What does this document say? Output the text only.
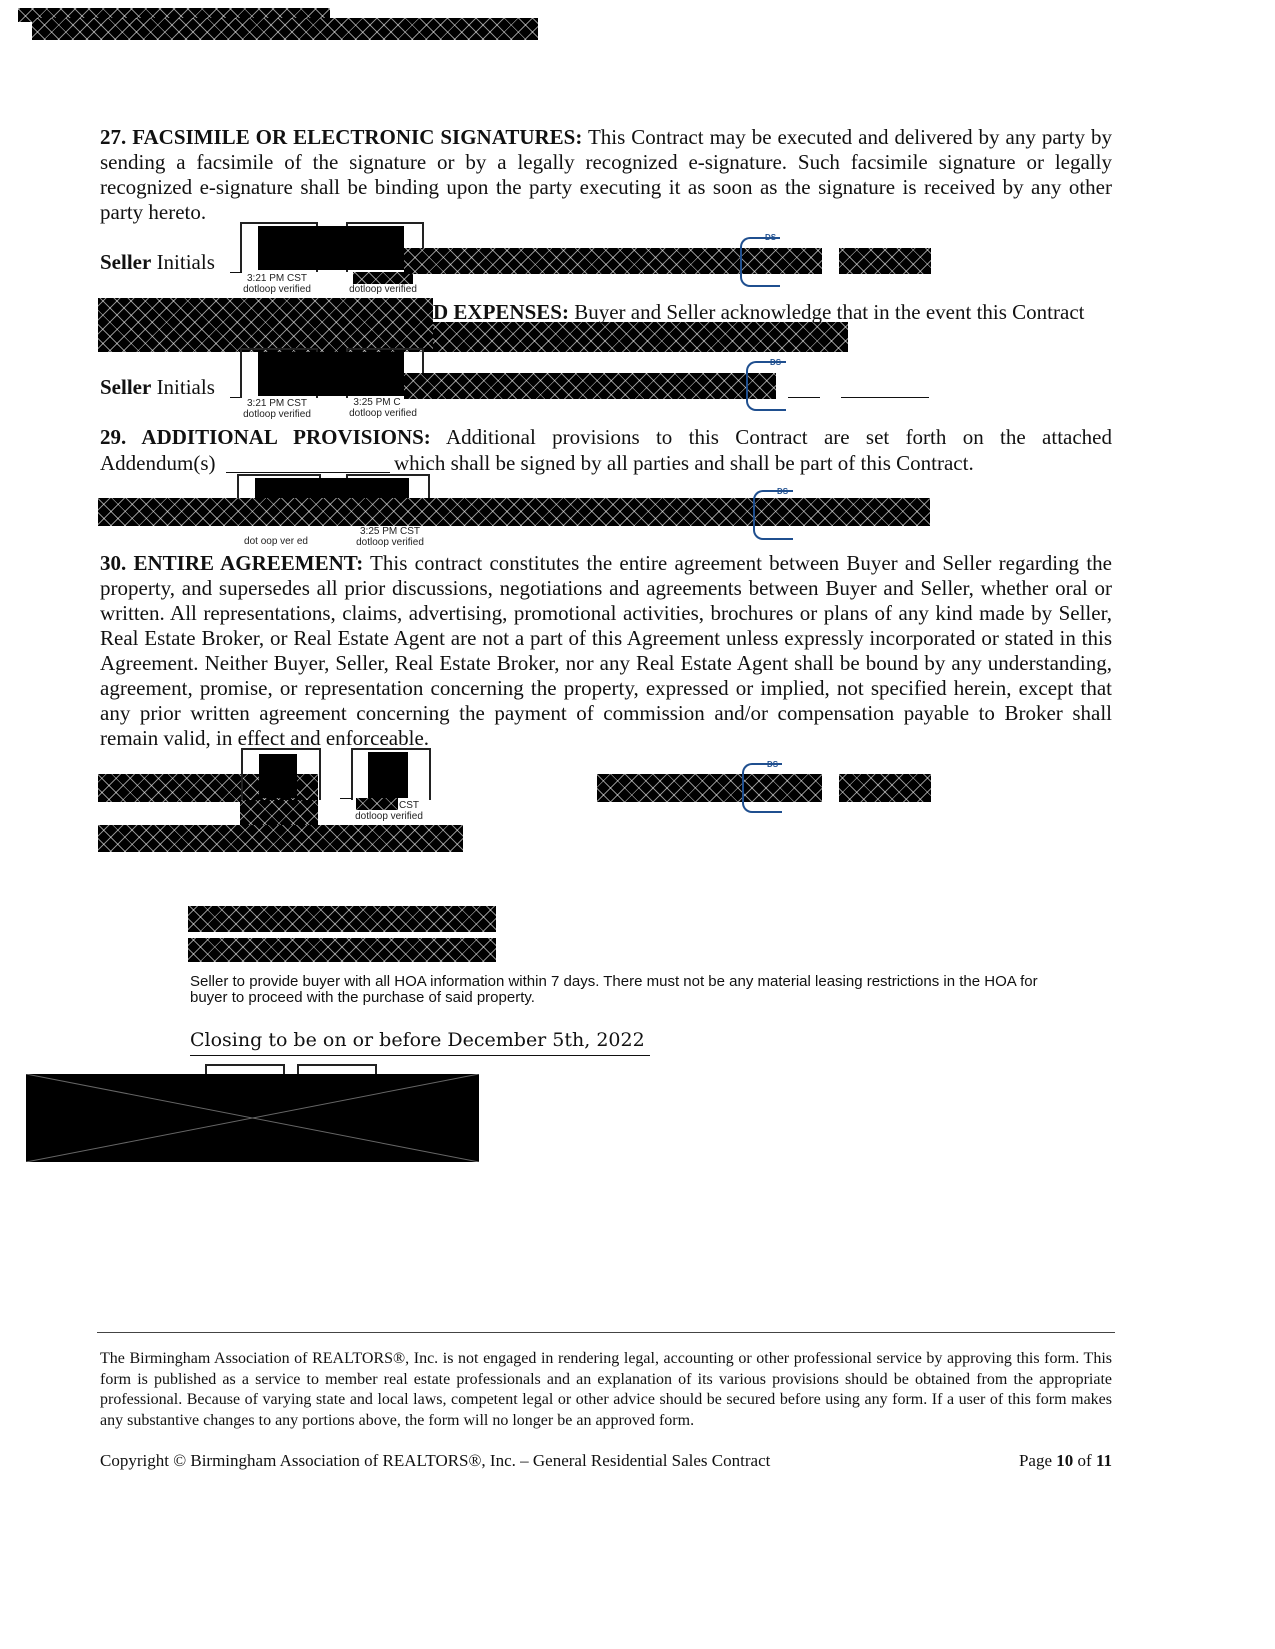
27. FACSIMILE OR ELECTRONIC SIGNATURES: This Contract may be executed and delivered by any party by sending a facsimile of the signature or by a legally recognized e-signature. Such facsimile signature or legally recognized e-signature shall be binding upon the party executing it as soon as the signature is received by any other party hereto.

Seller Initials
3:21 PM CST
dotloop verified	dotloop verified
DS
D EXPENSES: Buyer and Seller acknowledge that in the event this Contract
Seller Initials
3:21 PM CST
dotloop verified
3:25 PM C
dotloop verified
DS

29. ADDITIONAL PROVISIONS: Additional provisions to this Contract are set forth on the attached

Addendum(s)	which shall be signed by all parties and shall be part of this Contract.
dot oop ver ed
3:25 PM CST
dotloop verified
DS

30. ENTIRE AGREEMENT: This contract constitutes the entire agreement between Buyer and Seller regarding the property, and supersedes all prior discussions, negotiations and agreements between Buyer and Seller, whether oral or written. All representations, claims, advertising, promotional activities, brochures or plans of any kind made by Seller, Real Estate Broker, or Real Estate Agent are not a part of this Agreement unless expressly incorporated or stated in this Agreement. Neither Buyer, Seller, Real Estate Broker, nor any Real Estate Agent shall be bound by any understanding, agreement, promise, or representation concerning the property, expressed or implied, not specified herein, except that any prior written agreement concerning the payment of commission and/or compensation payable to Broker shall remain valid, in effect and enforceable.

CST
dotloop verified
DS

Seller to provide buyer with all HOA information within 7 days. There must not be any material leasing restrictions in the HOA for buyer to proceed with the purchase of said property.

Closing to be on or before December 5th, 2022

The Birmingham Association of REALTORS®, Inc. is not engaged in rendering legal, accounting or other professional service by approving this form. This form is published as a service to member real estate professionals and an explanation of its various provisions should be obtained from the appropriate professional. Because of varying state and local laws, competent legal or other advice should be secured before using any form. If a user of this form makes any substantive changes to any portions above, the form will no longer be an approved form.

Copyright © Birmingham Association of REALTORS®, Inc. – General Residential Sales Contract	Page 10 of 11
